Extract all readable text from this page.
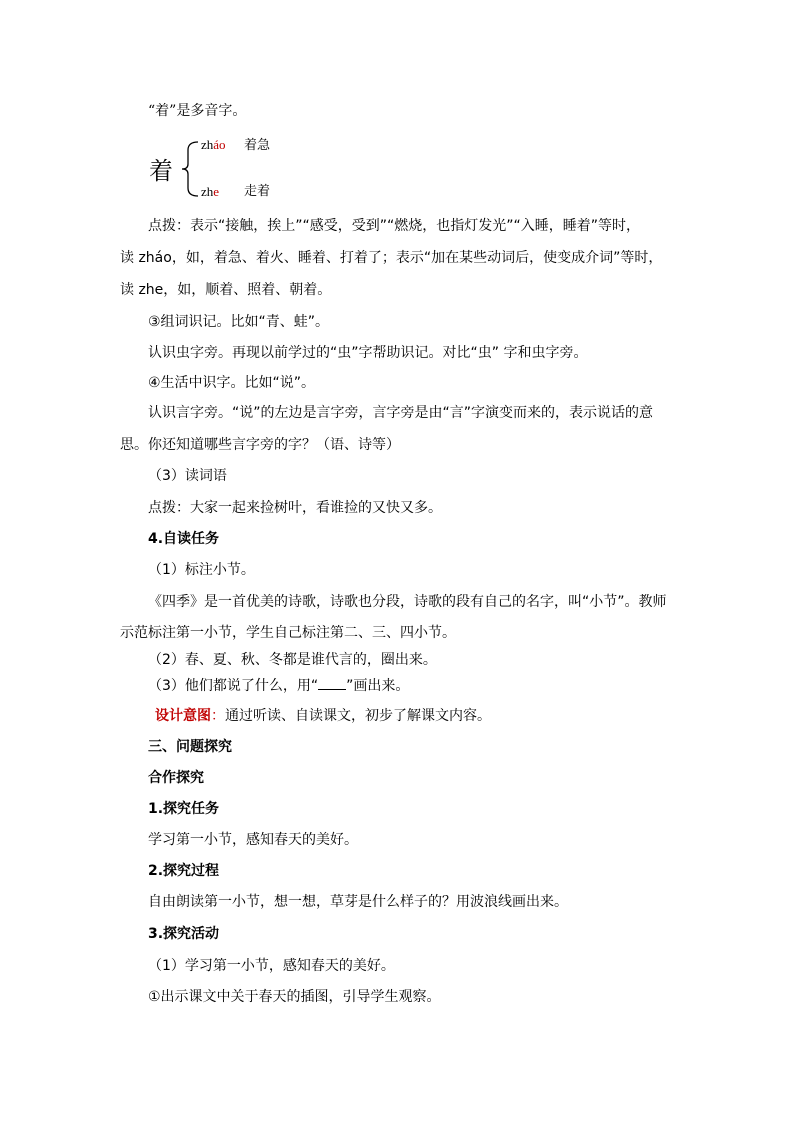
“着”是多音字。
着
zháo 着急
zhe 走着
点拨：表示“接触，挨上”“感受，受到”“燃烧，也指灯发光”“入睡，睡着”等时，
读 zháo，如，着急、着火、睡着、打着了；表示“加在某些动词后，使变成介词”等时，
读 zhe，如，顺着、照着、朝着。
③组词识记。比如“青、蛙”。
认识虫字旁。再现以前学过的“虫”字帮助识记。对比“虫” 字和虫字旁。
④生活中识字。比如“说”。
认识言字旁。“说”的左边是言字旁，言字旁是由“言”字演变而来的，表示说话的意
思。你还知道哪些言字旁的字？（语、诗等）
（3）读词语
点拨：大家一起来捡树叶，看谁捡的又快又多。
4.自读任务
（1）标注小节。
《四季》是一首优美的诗歌，诗歌也分段，诗歌的段有自己的名字，叫“小节”。教师
示范标注第一小节，学生自己标注第二、三、四小节。
（2）春、夏、秋、冬都是谁代言的，圈出来。
（3）他们都说了什么，用“ ”画出来。
设计意图：通过听读、自读课文，初步了解课文内容。
三、问题探究
合作探究
1.探究任务
学习第一小节，感知春天的美好。
2.探究过程
自由朗读第一小节，想一想，草芽是什么样子的？用波浪线画出来。
3.探究活动
（1）学习第一小节，感知春天的美好。
①出示课文中关于春天的插图，引导学生观察。
